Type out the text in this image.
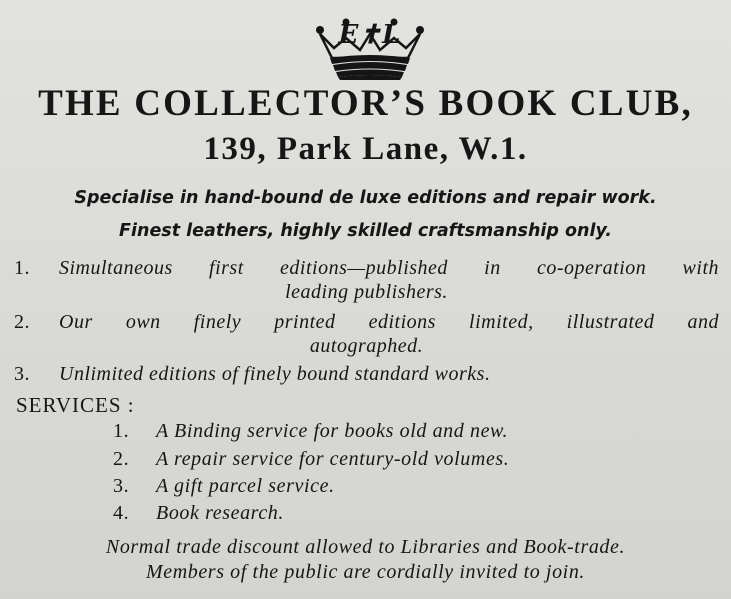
E✝L
THE COLLECTOR’S BOOK CLUB,
139, Park Lane, W.1.
Specialise in hand-bound de luxe editions and repair work.
Finest leathers, highly skilled craftsmanship only.
1. Simultaneous first editions—published in co-operation with
leading publishers.
2. Our own finely printed editions limited, illustrated and
autographed.
3. Unlimited editions of finely bound standard works.
SERVICES :
1. A Binding service for books old and new.
2. A repair service for century-old volumes.
3. A gift parcel service.
4. Book research.
Normal trade discount allowed to Libraries and Book-trade.
Members of the public are cordially invited to join.
